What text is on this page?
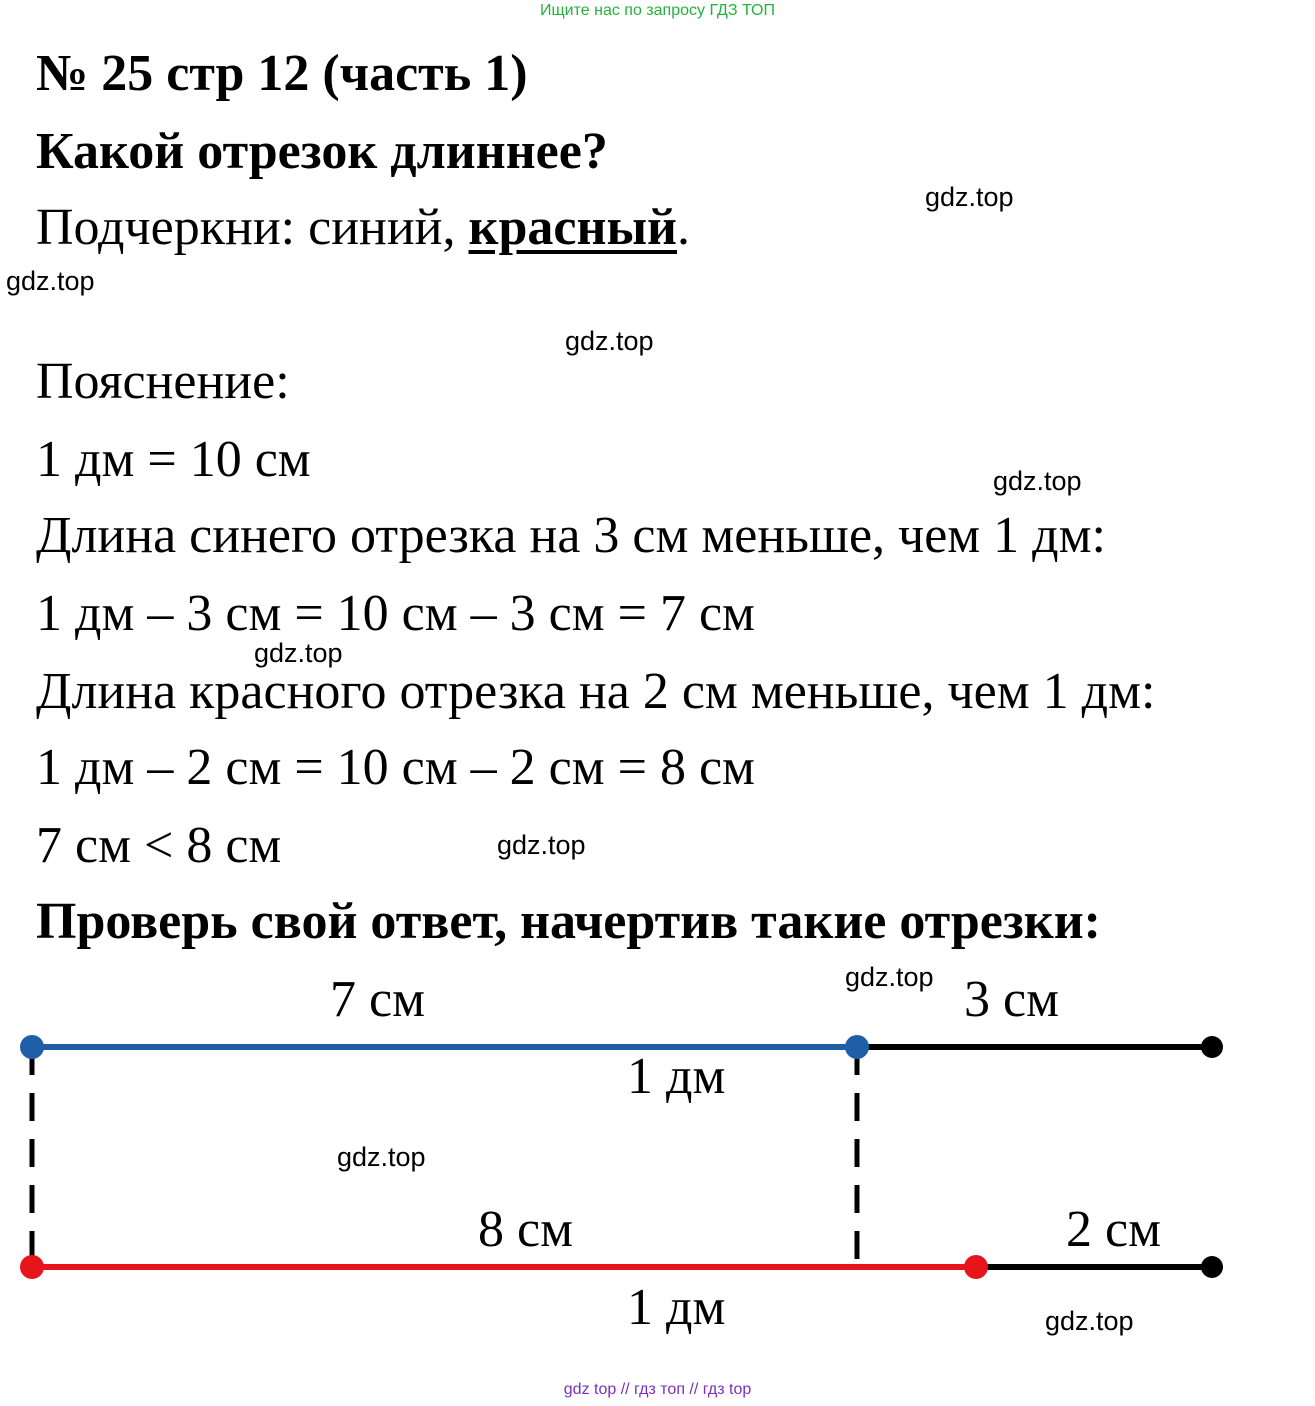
Ищите нас по запросу ГДЗ ТОП
№ 25 стр 12 (часть 1)
Какой отрезок длиннее?
Подчеркни: синий, красный.
Пояснение:
1 дм = 10 см
Длина синего отрезка на 3 см меньше, чем 1 дм:
1 дм – 3 см = 10 см – 3 см = 7 см
Длина красного отрезка на 2 см меньше, чем 1 дм:
1 дм – 2 см = 10 см – 2 см = 8 см
7 см < 8 см
Проверь свой ответ, начертив такие отрезки:
7 см	3 см
1 дм
8 см	2 см
1 дм
gdz.top
gdz.top
gdz.top
gdz.top
gdz.top
gdz.top
gdz.top
gdz.top
gdz.top
gdz top // гдз топ // гдз top
